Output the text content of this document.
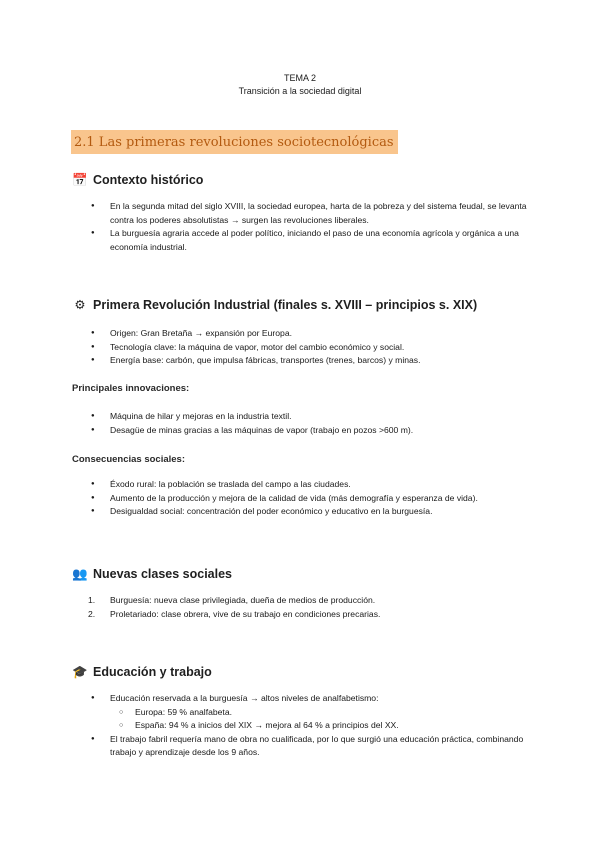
TEMA 2
Transición a la sociedad digital
2.1 Las primeras revoluciones sociotecnológicas
📅 Contexto histórico
● En la segunda mitad del siglo XVIII, la sociedad europea, harta de la pobreza y del sistema feudal, se levanta contra los poderes absolutistas → surgen las revoluciones liberales.
● La burguesía agraria accede al poder político, iniciando el paso de una economía agrícola y orgánica a una economía industrial.
⚙ Primera Revolución Industrial (finales s. XVIII – principios s. XIX)
● Origen: Gran Bretaña → expansión por Europa.
● Tecnología clave: la máquina de vapor, motor del cambio económico y social.
● Energía base: carbón, que impulsa fábricas, transportes (trenes, barcos) y minas.
Principales innovaciones:
● Máquina de hilar y mejoras en la industria textil.
● Desagüe de minas gracias a las máquinas de vapor (trabajo en pozos >600 m).
Consecuencias sociales:
● Éxodo rural: la población se traslada del campo a las ciudades.
● Aumento de la producción y mejora de la calidad de vida (más demografía y esperanza de vida).
● Desigualdad social: concentración del poder económico y educativo en la burguesía.
👥 Nuevas clases sociales
1. Burguesía: nueva clase privilegiada, dueña de medios de producción.
2. Proletariado: clase obrera, vive de su trabajo en condiciones precarias.
🎓 Educación y trabajo
● Educación reservada a la burguesía → altos niveles de analfabetismo:
○ Europa: 59 % analfabeta.
○ España: 94 % a inicios del XIX → mejora al 64 % a principios del XX.
● El trabajo fabril requería mano de obra no cualificada, por lo que surgió una educación práctica, combinando trabajo y aprendizaje desde los 9 años.
